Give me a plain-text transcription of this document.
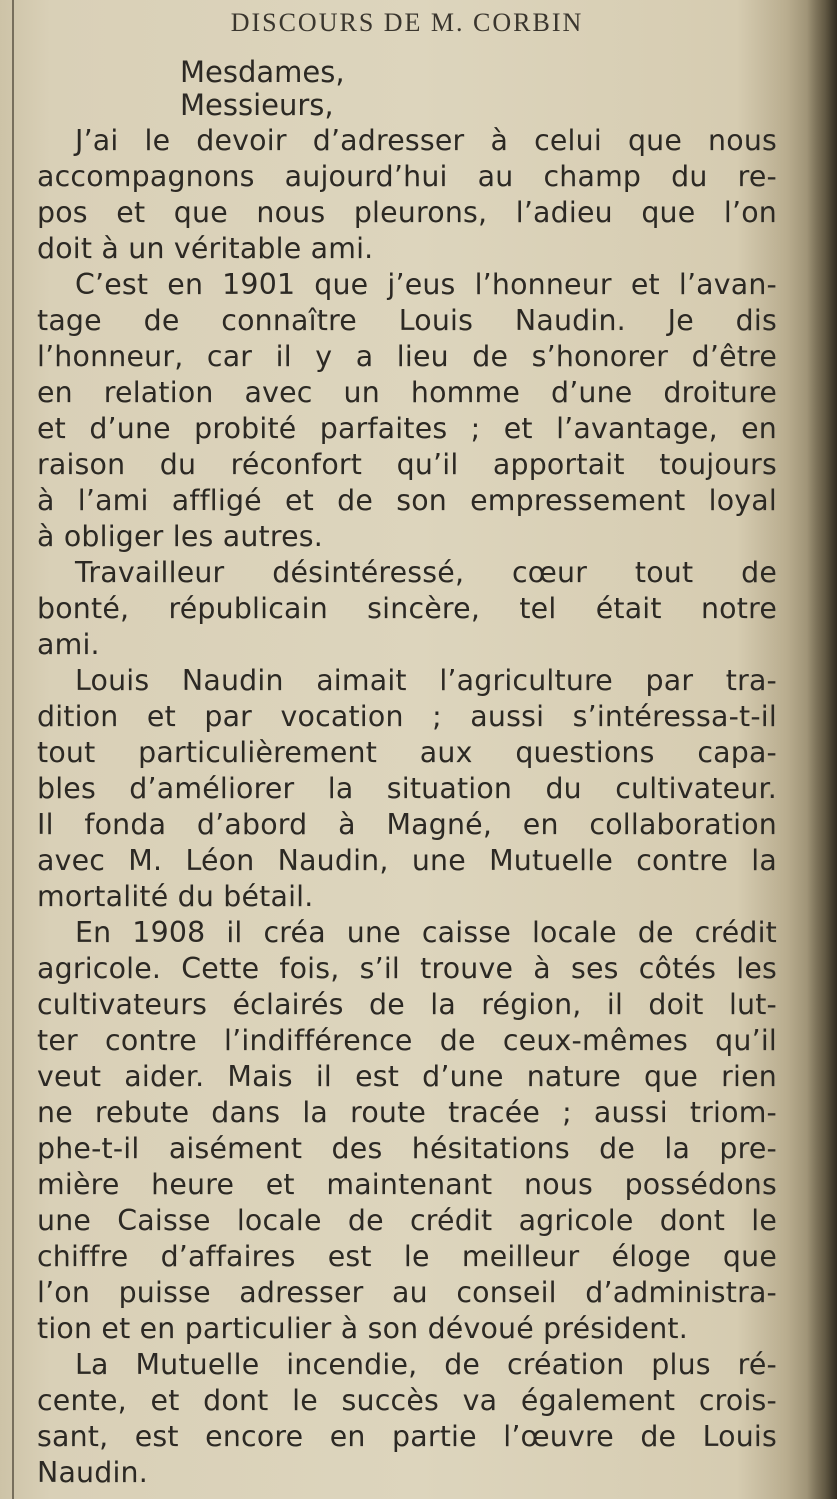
DISCOURS DE M. CORBIN
Mesdames,
Messieurs,
J’ai le devoir d’adresser à celui que nous
accompagnons aujourd’hui au champ du re-
pos et que nous pleurons, l’adieu que l’on
doit à un véritable ami.
C’est en 1901 que j’eus l’honneur et l’avan-
tage de connaître Louis Naudin. Je dis
l’honneur, car il y a lieu de s’honorer d’être
en relation avec un homme d’une droiture
et d’une probité parfaites ; et l’avantage, en
raison du réconfort qu’il apportait toujours
à l’ami affligé et de son empressement loyal
à obliger les autres.
Travailleur désintéressé, cœur tout de
bonté, républicain sincère, tel était notre
ami.
Louis Naudin aimait l’agriculture par tra-
dition et par vocation ; aussi s’intéressa-t-il
tout particulièrement aux questions capa-
bles d’améliorer la situation du cultivateur.
Il fonda d’abord à Magné, en collaboration
avec M. Léon Naudin, une Mutuelle contre la
mortalité du bétail.
En 1908 il créa une caisse locale de crédit
agricole. Cette fois, s’il trouve à ses côtés les
cultivateurs éclairés de la région, il doit lut-
ter contre l’indifférence de ceux-mêmes qu’il
veut aider. Mais il est d’une nature que rien
ne rebute dans la route tracée ; aussi triom-
phe-t-il aisément des hésitations de la pre-
mière heure et maintenant nous possédons
une Caisse locale de crédit agricole dont le
chiffre d’affaires est le meilleur éloge que
l’on puisse adresser au conseil d’administra-
tion et en particulier à son dévoué président.
La Mutuelle incendie, de création plus ré-
cente, et dont le succès va également crois-
sant, est encore en partie l’œuvre de Louis
Naudin.
